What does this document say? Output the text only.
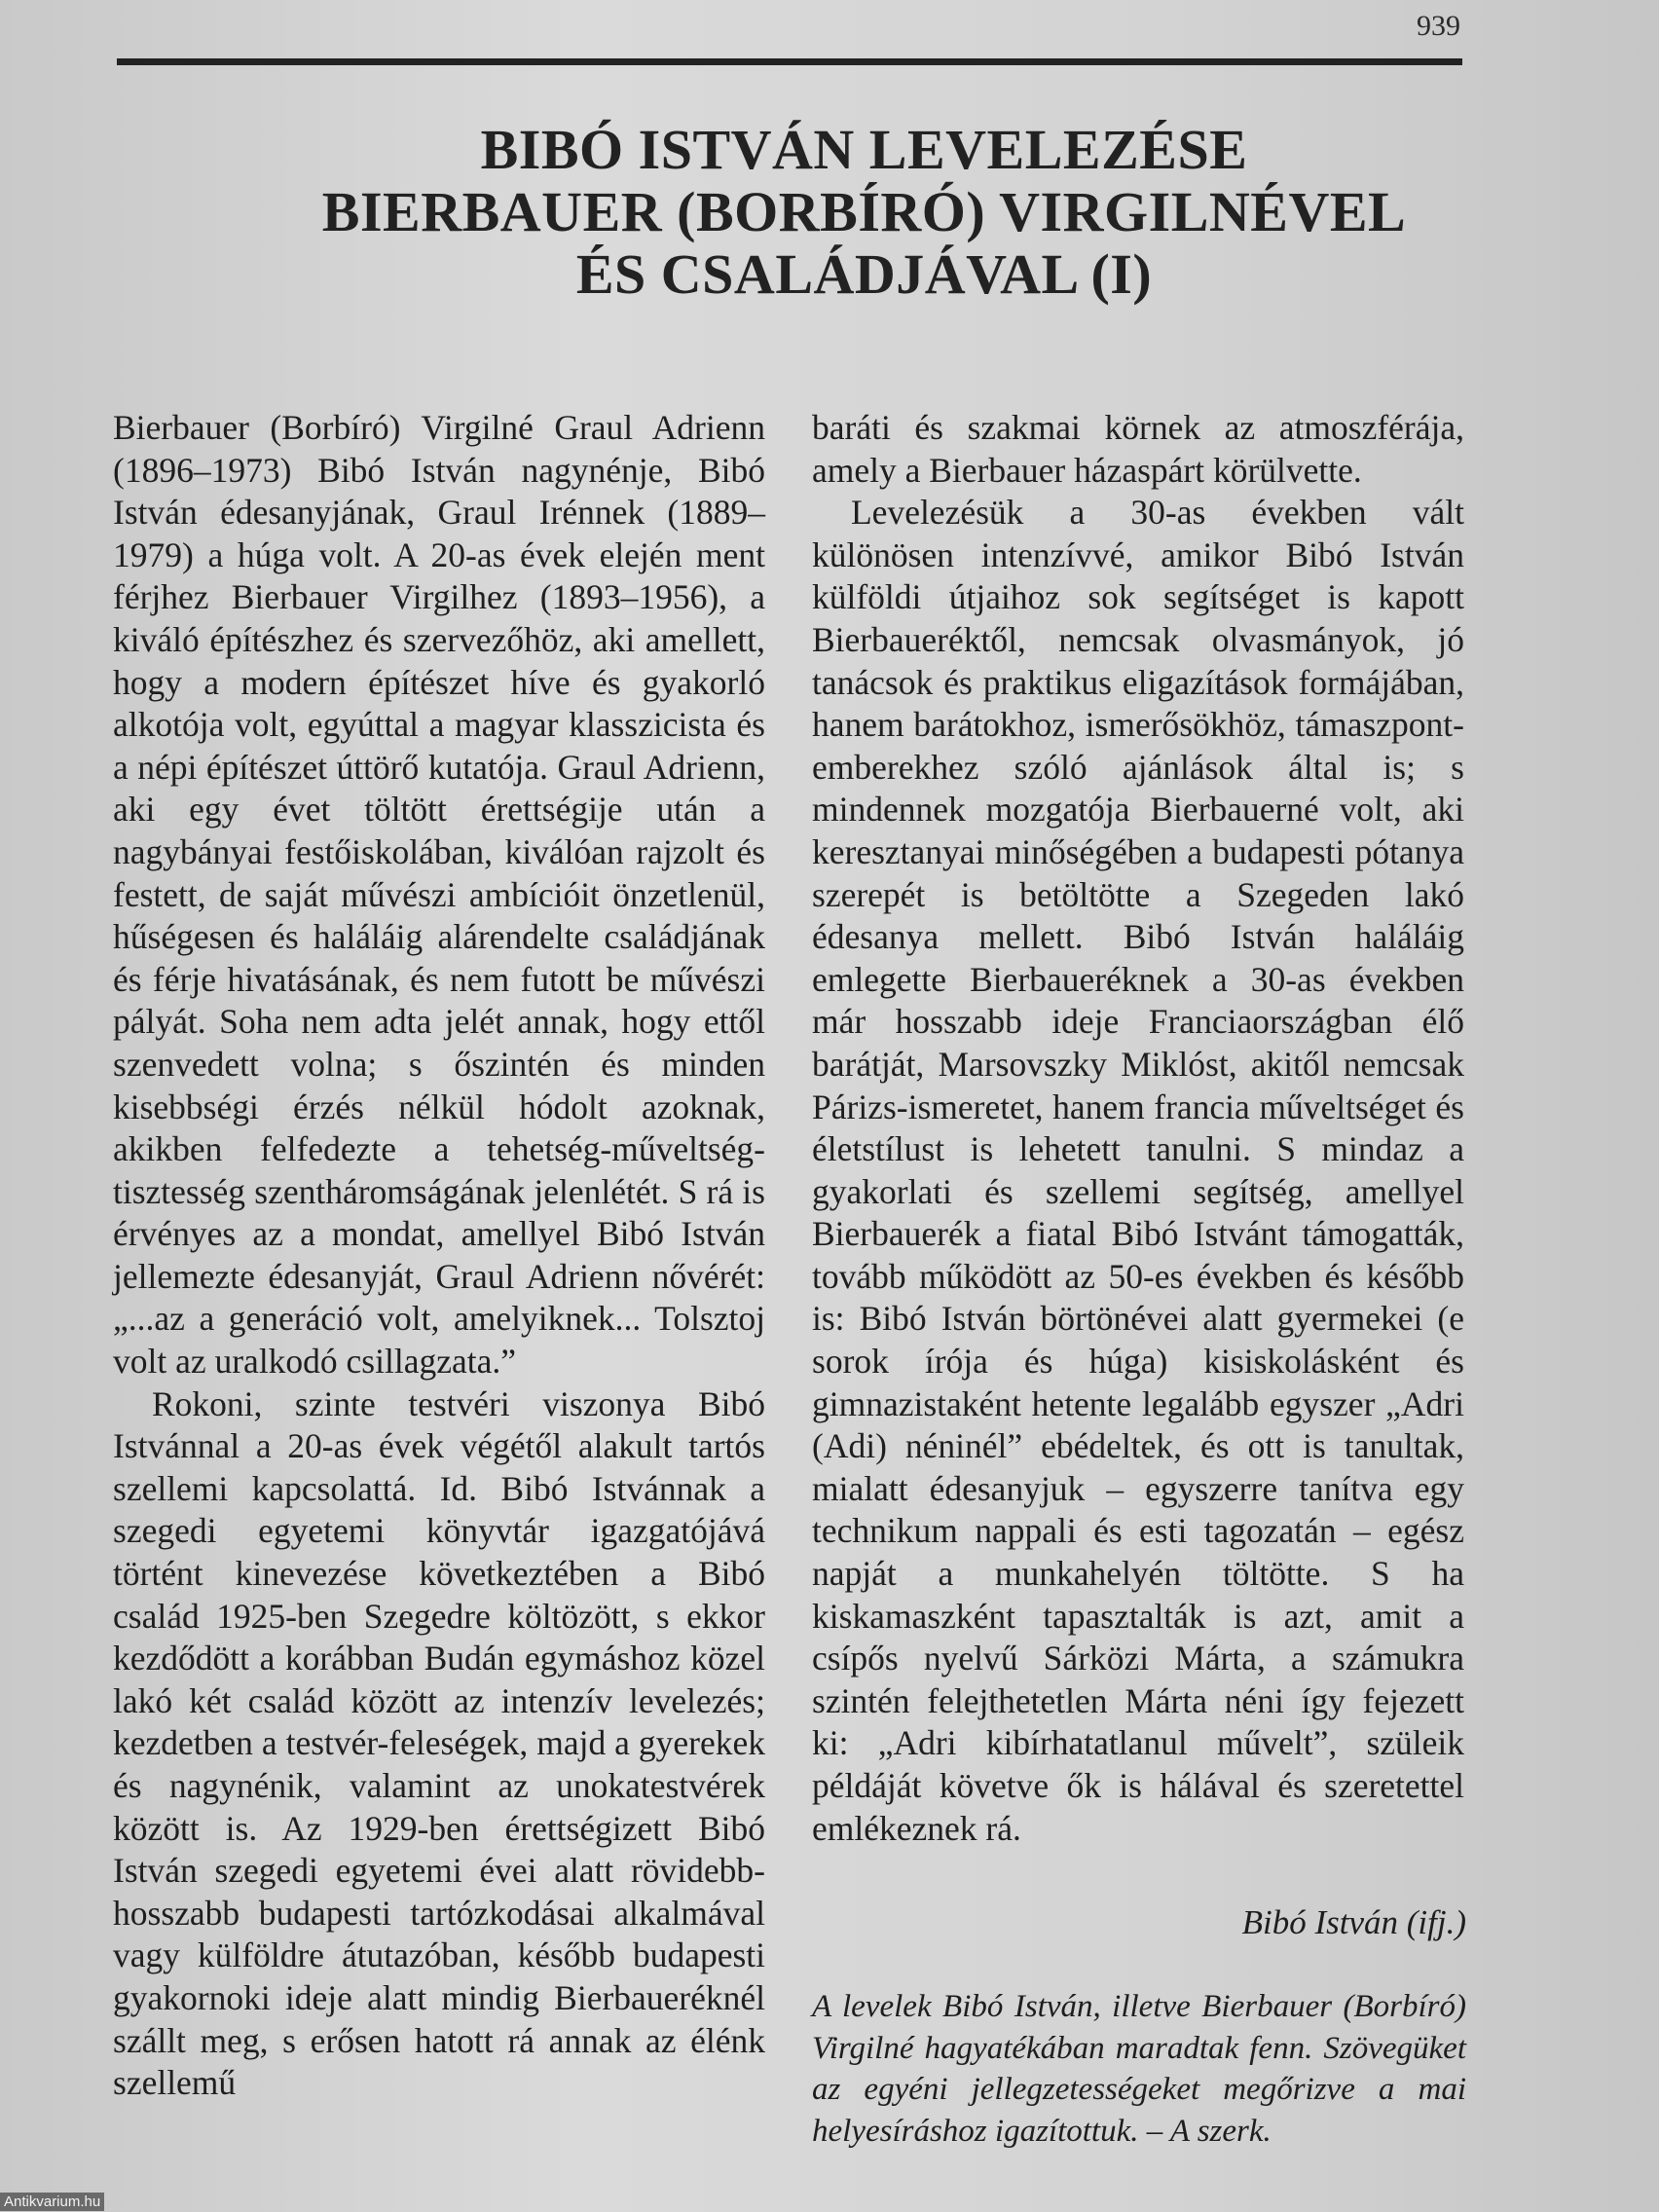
939
BIBÓ ISTVÁN LEVELEZÉSE
BIERBAUER (BORBÍRÓ) VIRGILNÉVEL
ÉS CSALÁDJÁVAL (I)

Bierbauer (Borbíró) Virgilné Graul Adrienn (1896–1973) Bibó István nagynénje, Bibó István édesanyjának, Graul Irénnek (1889–1979) a húga volt. A 20-as évek elején ment férjhez Bierbauer Virgilhez (1893–1956), a kiváló építészhez és szervezőhöz, aki amellett, hogy a modern építészet híve és gyakorló alkotója volt, egyúttal a magyar klasszicista és a népi építészet úttörő kutatója. Graul Adrienn, aki egy évet töltött érettségije után a nagybányai festőiskolában, kiválóan rajzolt és festett, de saját művészi ambícióit önzetlenül, hűségesen és haláláig alárendelte családjának és férje hivatásának, és nem futott be művészi pályát. Soha nem adta jelét annak, hogy ettől szenvedett volna; s őszintén és minden kisebbségi érzés nélkül hódolt azoknak, akikben felfedezte a tehetség-műveltség-tisztesség szentháromságának jelenlétét. S rá is érvényes az a mondat, amellyel Bibó István jellemezte édesanyját, Graul Adrienn nővérét: „...az a generáció volt, amelyiknek... Tolsztoj volt az uralkodó csillagzata.”

Rokoni, szinte testvéri viszonya Bibó Istvánnal a 20-as évek végétől alakult tartós szellemi kapcsolattá. Id. Bibó Istvánnak a szegedi egyetemi könyvtár igazgatójává történt kinevezése következtében a Bibó család 1925-ben Szegedre költözött, s ekkor kezdődött a korábban Budán egymáshoz közel lakó két család között az intenzív levelezés; kezdetben a testvér-feleségek, majd a gyerekek és nagynénik, valamint az unokatestvérek között is. Az 1929-ben érettségizett Bibó István szegedi egyetemi évei alatt rövidebb-hosszabb budapesti tartózkodásai alkalmával vagy külföldre átutazóban, később budapesti gyakornoki ideje alatt mindig Bierbaueréknél szállt meg, s erősen hatott rá annak az élénk szellemű

baráti és szakmai körnek az atmoszférája, amely a Bierbauer házaspárt körülvette.

Levelezésük a 30-as években vált különösen intenzívvé, amikor Bibó István külföldi útjaihoz sok segítséget is kapott Bierbaueréktől, nemcsak olvasmányok, jó tanácsok és praktikus eligazítások formájában, hanem barátokhoz, ismerősökhöz, támaszpont-emberekhez szóló ajánlások által is; s mindennek mozgatója Bierbauerné volt, aki keresztanyai minőségében a budapesti pótanya szerepét is betöltötte a Szegeden lakó édesanya mellett. Bibó István haláláig emlegette Bierbaueréknek a 30-as években már hosszabb ideje Franciaországban élő barátját, Marsovszky Miklóst, akitől nemcsak Párizs-ismeretet, hanem francia műveltséget és életstílust is lehetett tanulni. S mindaz a gyakorlati és szellemi segítség, amellyel Bierbauerék a fiatal Bibó Istvánt támogatták, tovább működött az 50-es években és később is: Bibó István börtönévei alatt gyermekei (e sorok írója és húga) kisiskolásként és gimnazistaként hetente legalább egyszer „Adri (Adi) néninél” ebédeltek, és ott is tanultak, mialatt édesanyjuk – egyszerre tanítva egy technikum nappali és esti tagozatán – egész napját a munkahelyén töltötte. S ha kiskamaszként tapasztalták is azt, amit a csípős nyelvű Sárközi Márta, a számukra szintén felejthetetlen Márta néni így fejezett ki: „Adri kibírhatatlanul művelt”, szüleik példáját követve ők is hálával és szeretettel emlékeznek rá.

Bibó István (ifj.)
A levelek Bibó István, illetve Bierbauer (Borbíró) Virgilné hagyatékában maradtak fenn. Szövegüket az egyéni jellegzetességeket megőrizve a mai helyesíráshoz igazítottuk. – A szerk.
Antikvarium.hu
